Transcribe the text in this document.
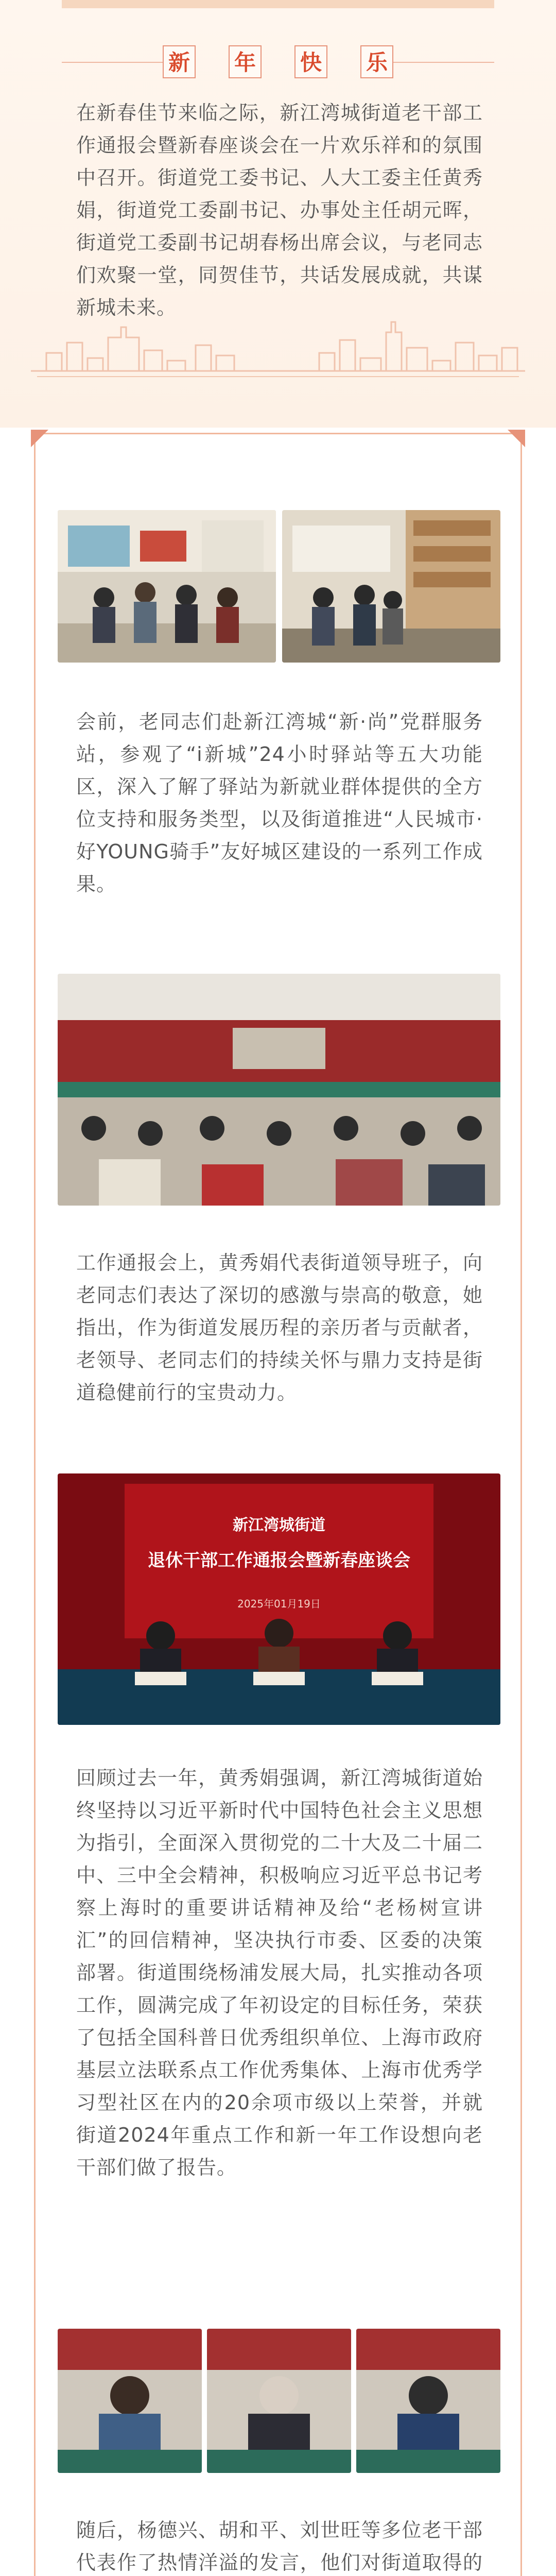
新 年 快 乐

在新春佳节来临之际，新江湾城街道老干部工作通报会暨新春座谈会在一片欢乐祥和的氛围中召开。街道党工委书记、人大工委主任黄秀娟，街道党工委副书记、办事处主任胡元晖，街道党工委副书记胡春杨出席会议，与老同志们欢聚一堂，同贺佳节，共话发展成就，共谋新城未来。

会前，老同志们赴新江湾城“新·尚”党群服务站，参观了“i新城”24小时驿站等五大功能区，深入了解了驿站为新就业群体提供的全方位支持和服务类型，以及街道推进“人民城市·好YOUNG骑手”友好城区建设的一系列工作成果。

工作通报会上，黄秀娟代表街道领导班子，向老同志们表达了深切的感激与崇高的敬意，她指出，作为街道发展历程的亲历者与贡献者，老领导、老同志们的持续关怀与鼎力支持是街道稳健前行的宝贵动力。

新江湾城街道
退休干部工作通报会暨新春座谈会
2025年01月19日

回顾过去一年，黄秀娟强调，新江湾城街道始终坚持以习近平新时代中国特色社会主义思想为指引，全面深入贯彻党的二十大及二十届二中、三中全会精神，积极响应习近平总书记考察上海时的重要讲话精神及给“老杨树宣讲汇”的回信精神，坚决执行市委、区委的决策部署。街道围绕杨浦发展大局，扎实推动各项工作，圆满完成了年初设定的目标任务，荣获了包括全国科普日优秀组织单位、上海市政府基层立法联系点工作优秀集体、上海市优秀学习型社区在内的20余项市级以上荣誉，并就街道2024年重点工作和新一年工作设想向老干部们做了报告。

随后，杨德兴、胡和平、刘世旺等多位老干部代表作了热情洋溢的发言，他们对街道取得的
